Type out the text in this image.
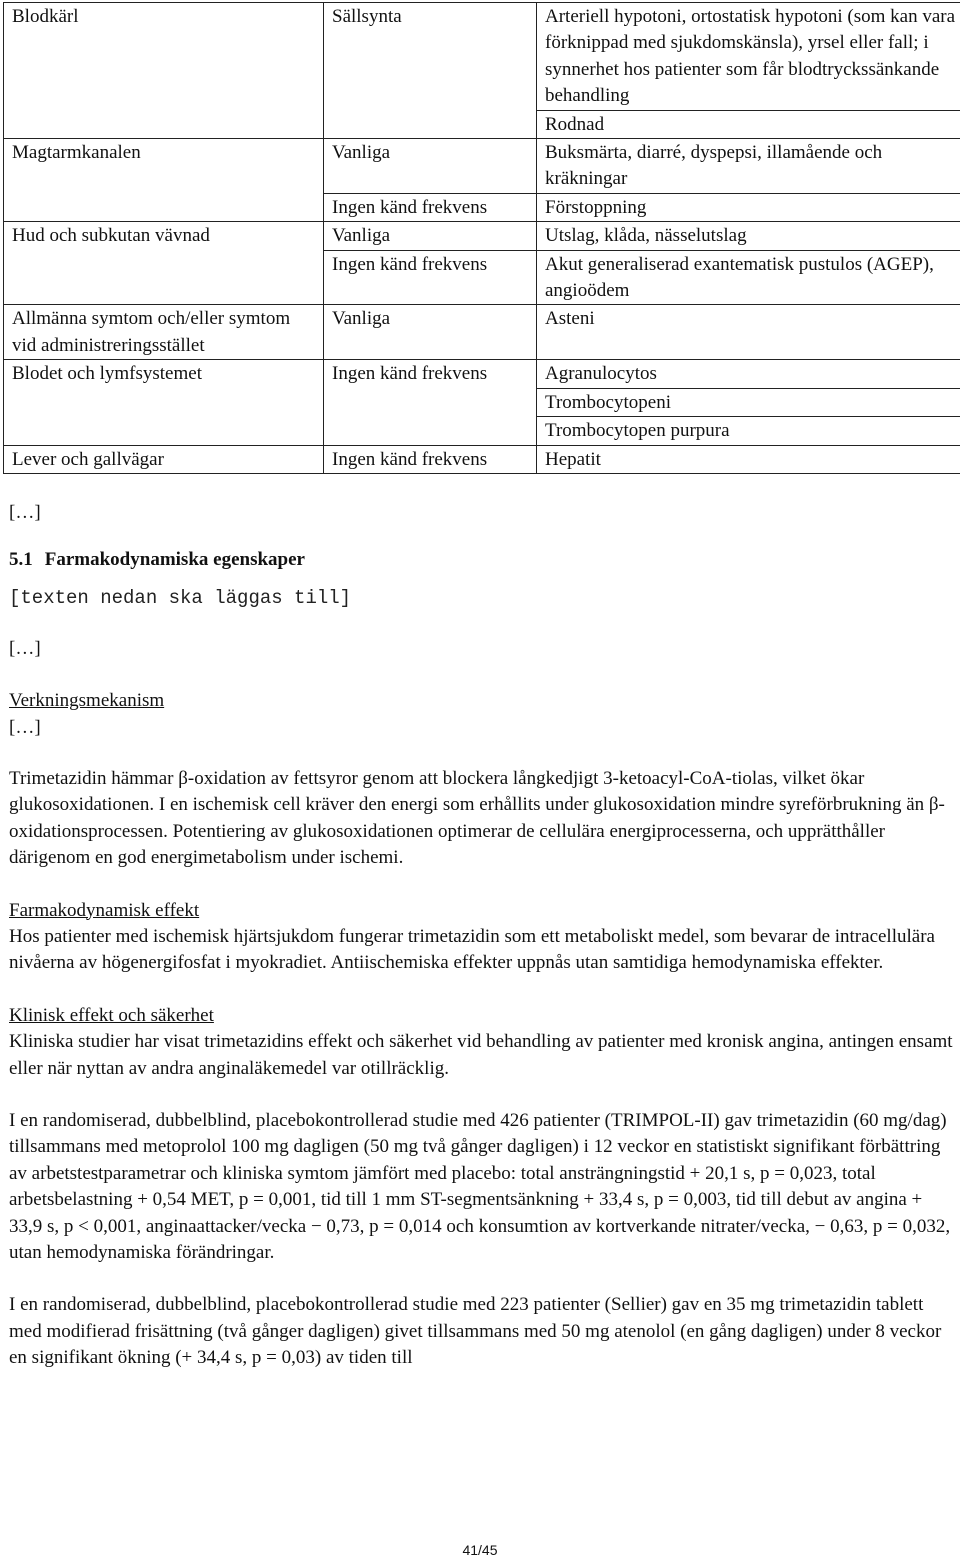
Blodkärl	Sällsynta	Arteriell hypotoni, ortostatisk hypotoni (som kan vara förknippad med sjukdomskänsla), yrsel eller fall; i synnerhet hos patienter som får blodtryckssänkande behandling
		Rodnad
Magtarmkanalen	Vanliga	Buksmärta, diarré, dyspepsi, illamående och kräkningar
	Ingen känd frekvens	Förstoppning
Hud och subkutan vävnad	Vanliga	Utslag, klåda, nässelutslag
	Ingen känd frekvens	Akut generaliserad exantematisk pustulos (AGEP), angioödem
Allmänna symtom och/eller symtom vid administreringsstället	Vanliga	Asteni
Blodet och lymfsystemet	Ingen känd frekvens	Agranulocytos
		Trombocytopeni
		Trombocytopen purpura
Lever och gallvägar	Ingen känd frekvens	Hepatit

[…]

5.1 Farmakodynamiska egenskaper

[texten nedan ska läggas till]

[…]

Verkningsmekanism

[…]

Trimetazidin hämmar β-oxidation av fettsyror genom att blockera långkedjigt 3-ketoacyl-CoA-tiolas, vilket ökar glukosoxidationen. I en ischemisk cell kräver den energi som erhållits under glukosoxidation mindre syreförbrukning än β-oxidationsprocessen. Potentiering av glukosoxidationen optimerar de cellulära energiprocesserna, och upprätthåller därigenom en god energimetabolism under ischemi.

Farmakodynamisk effekt

Hos patienter med ischemisk hjärtsjukdom fungerar trimetazidin som ett metaboliskt medel, som bevarar de intracellulära nivåerna av högenergifosfat i myokradiet. Antiischemiska effekter uppnås utan samtidiga hemodynamiska effekter.

Klinisk effekt och säkerhet

Kliniska studier har visat trimetazidins effekt och säkerhet vid behandling av patienter med kronisk angina, antingen ensamt eller när nyttan av andra anginaläkemedel var otillräcklig.

I en randomiserad, dubbelblind, placebokontrollerad studie med 426 patienter (TRIMPOL-II) gav trimetazidin (60 mg/dag) tillsammans med metoprolol 100 mg dagligen (50 mg två gånger dagligen) i 12 veckor en statistiskt signifikant förbättring av arbetstestparametrar och kliniska symtom jämfört med placebo: total ansträngningstid + 20,1 s, p = 0,023, total arbetsbelastning + 0,54 MET, p = 0,001, tid till 1 mm ST-segmentsänkning + 33,4 s, p = 0,003, tid till debut av angina + 33,9 s, p < 0,001, anginaattacker/vecka − 0,73, p = 0,014 och konsumtion av kortverkande nitrater/vecka, − 0,63, p = 0,032, utan hemodynamiska förändringar.

I en randomiserad, dubbelblind, placebokontrollerad studie med 223 patienter (Sellier) gav en 35 mg trimetazidin tablett med modifierad frisättning (två gånger dagligen) givet tillsammans med 50 mg atenolol (en gång dagligen) under 8 veckor en signifikant ökning (+ 34,4 s, p = 0,03) av tiden till

41/45
